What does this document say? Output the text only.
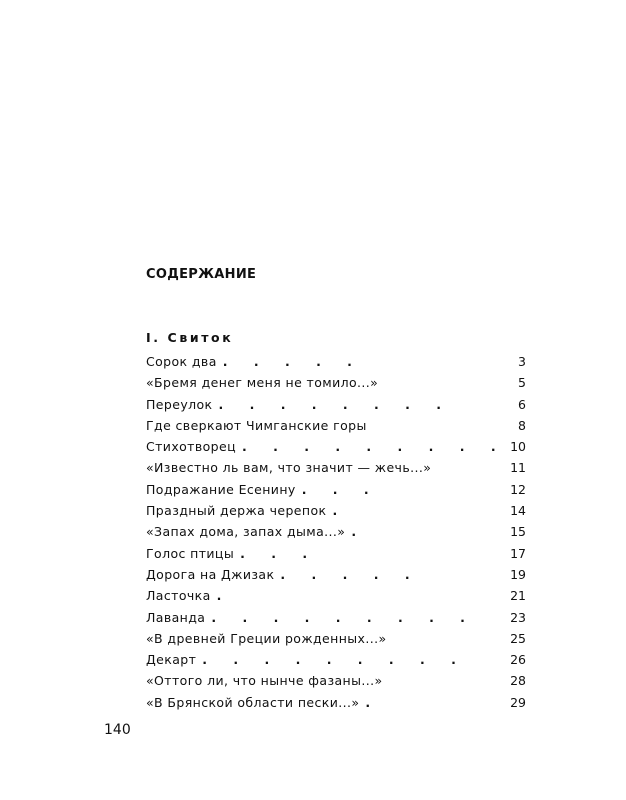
СОДЕРЖАНИЕ
I. Свиток
Сорок два . . . . .	3
«Бремя денег меня не томило...»	5
Переулок . . . . . . . .	6
Где сверкают Чимганские горы	8
Стихотворец . . . . . . . . . 10
«Известно ль вам, что значит — жечь...»	11
Подражание Есенину . . .	12
Праздный держа черепок .	14
«Запах дома, запах дыма...» .	15
Голос птицы . . .	17
Дорога на Джизак . . . . .	19
Ласточка .	21
Лаванда . . . . . . . . .	23
«В древней Греции рожденных...»	25
Декарт . . . . . . . . .	26
«Оттого ли, что нынче фазаны...»	28
«В Брянской области пески...» .	29

140
